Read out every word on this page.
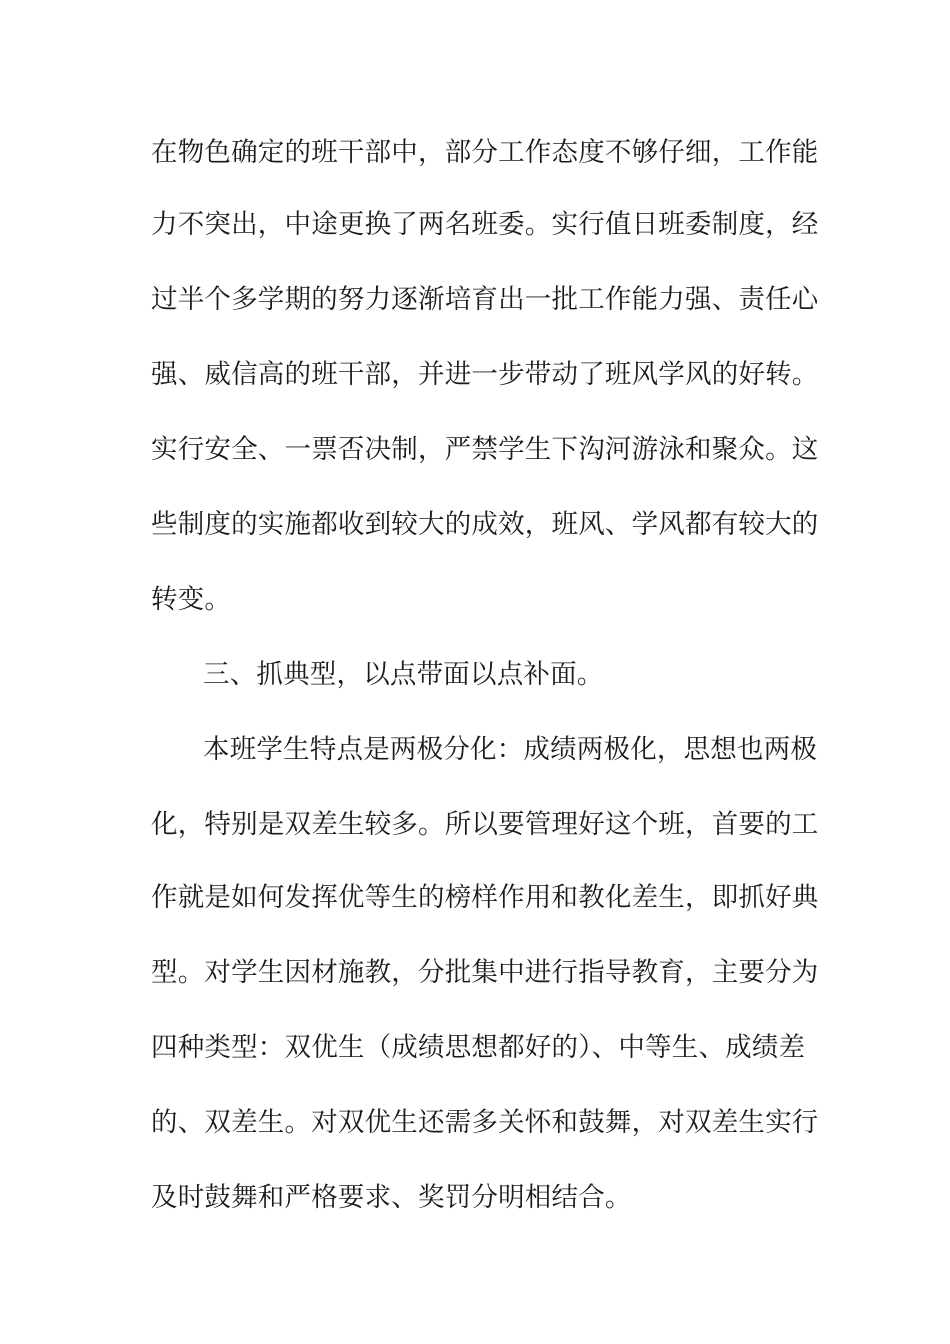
在物色确定的班干部中，部分工作态度不够仔细，工作能
力不突出，中途更换了两名班委。实行值日班委制度，经
过半个多学期的努力逐渐培育出一批工作能力强、责任心
强、威信高的班干部，并进一步带动了班风学风的好转。
实行安全、一票否决制，严禁学生下沟河游泳和聚众。这
些制度的实施都收到较大的成效，班风、学风都有较大的
转变。
三、抓典型，以点带面以点补面。
本班学生特点是两极分化：成绩两极化，思想也两极
化，特别是双差生较多。所以要管理好这个班，首要的工
作就是如何发挥优等生的榜样作用和教化差生，即抓好典
型。对学生因材施教，分批集中进行指导教育，主要分为
四种类型：双优生（成绩思想都好的）、中等生、成绩差
的、双差生。对双优生还需多关怀和鼓舞，对双差生实行
及时鼓舞和严格要求、奖罚分明相结合。
